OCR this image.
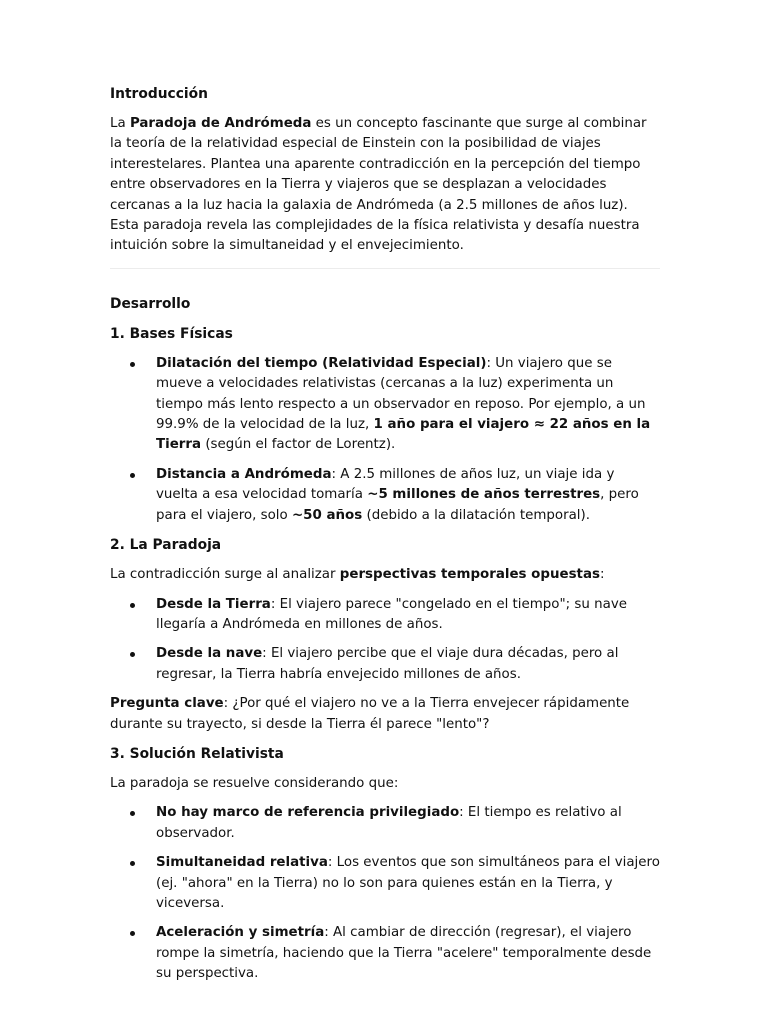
Introducción

La Paradoja de Andrómeda es un concepto fascinante que surge al combinar la teoría de la relatividad especial de Einstein con la posibilidad de viajes interestelares. Plantea una aparente contradicción en la percepción del tiempo entre observadores en la Tierra y viajeros que se desplazan a velocidades cercanas a la luz hacia la galaxia de Andrómeda (a 2.5 millones de años luz). Esta paradoja revela las complejidades de la física relativista y desafía nuestra intuición sobre la simultaneidad y el envejecimiento.

Desarrollo
1. Bases Físicas
Dilatación del tiempo (Relatividad Especial): Un viajero que se mueve a velocidades relativistas (cercanas a la luz) experimenta un tiempo más lento respecto a un observador en reposo. Por ejemplo, a un 99.9% de la velocidad de la luz, 1 año para el viajero ≈ 22 años en la Tierra (según el factor de Lorentz).
Distancia a Andrómeda: A 2.5 millones de años luz, un viaje ida y vuelta a esa velocidad tomaría ~5 millones de años terrestres, pero para el viajero, solo ~50 años (debido a la dilatación temporal).
2. La Paradoja

La contradicción surge al analizar perspectivas temporales opuestas:

Desde la Tierra: El viajero parece "congelado en el tiempo"; su nave llegaría a Andrómeda en millones de años.
Desde la nave: El viajero percibe que el viaje dura décadas, pero al regresar, la Tierra habría envejecido millones de años.

Pregunta clave: ¿Por qué el viajero no ve a la Tierra envejecer rápidamente durante su trayecto, si desde la Tierra él parece "lento"?

3. Solución Relativista

La paradoja se resuelve considerando que:

No hay marco de referencia privilegiado: El tiempo es relativo al observador.
Simultaneidad relativa: Los eventos que son simultáneos para el viajero (ej. "ahora" en la Tierra) no lo son para quienes están en la Tierra, y viceversa.
Aceleración y simetría: Al cambiar de dirección (regresar), el viajero rompe la simetría, haciendo que la Tierra "acelere" temporalmente desde su perspectiva.
